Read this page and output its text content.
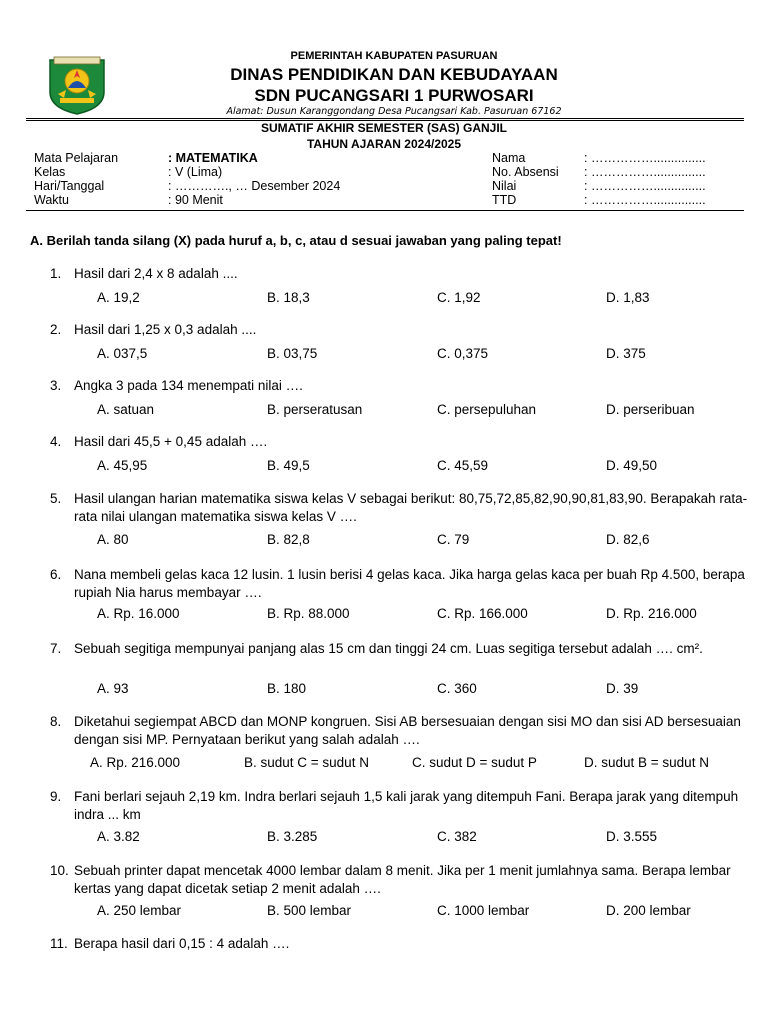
PEMERINTAH KABUPATEN PASURUAN
DINAS PENDIDIKAN DAN KEBUDAYAAN
SDN PUCANGSARI 1 PURWOSARI
Alamat: Dusun Karanggondang Desa Pucangsari Kab. Pasuruan 67162
SUMATIF AKHIR SEMESTER (SAS) GANJIL
TAHUN AJARAN 2024/2025
Mata Pelajaran	: MATEMATIKA
Kelas	: V (Lima)
Hari/Tanggal	: …………., … Desember 2024
Waktu	: 90 Menit
Nama	: ……………...............
No. Absensi : ……………...............
Nilai	: ……………...............
TTD	: ……………...............
A. Berilah tanda silang (X) pada huruf a, b, c, atau d sesuai jawaban yang paling tepat!
1. Hasil dari 2,4 x 8 adalah ....
A. 19,2	B. 18,3	C. 1,92	D. 1,83
2. Hasil dari 1,25 x 0,3 adalah ....
A. 037,5	B. 03,75	C. 0,375	D. 375
3. Angka 3 pada 134 menempati nilai ….
A. satuan	B. perseratusan	C. persepuluhan	D. perseribuan
4. Hasil dari 45,5 + 0,45 adalah ….
A. 45,95	B. 49,5	C. 45,59	D. 49,50
5. Hasil ulangan harian matematika siswa kelas V sebagai berikut: 80,75,72,85,82,90,90,81,83,90. Berapakah rata-rata nilai ulangan matematika siswa kelas V ….
A. 80	B. 82,8	C. 79	D. 82,6
6. Nana membeli gelas kaca 12 lusin. 1 lusin berisi 4 gelas kaca. Jika harga gelas kaca per buah Rp 4.500, berapa rupiah Nia harus membayar ….
A. Rp. 16.000	B. Rp. 88.000	C. Rp. 166.000	D. Rp. 216.000
7. Sebuah segitiga mempunyai panjang alas 15 cm dan tinggi 24 cm. Luas segitiga tersebut adalah …. cm².
A. 93	B. 180	C. 360	D. 39
8. Diketahui segiempat ABCD dan MONP kongruen. Sisi AB bersesuaian dengan sisi MO dan sisi AD bersesuaian dengan sisi MP. Pernyataan berikut yang salah adalah ….
A. Rp. 216.000	B. sudut C = sudut N	C. sudut D = sudut P	D. sudut B = sudut N
9. Fani berlari sejauh 2,19 km. Indra berlari sejauh 1,5 kali jarak yang ditempuh Fani. Berapa jarak yang ditempuh indra ... km
A. 3.82	B. 3.285	C. 382	D. 3.555
10. Sebuah printer dapat mencetak 4000 lembar dalam 8 menit. Jika per 1 menit jumlahnya sama. Berapa lembar kertas yang dapat dicetak setiap 2 menit adalah ….
A. 250 lembar	B. 500 lembar	C. 1000 lembar	D. 200 lembar
11. Berapa hasil dari 0,15 : 4 adalah ….
